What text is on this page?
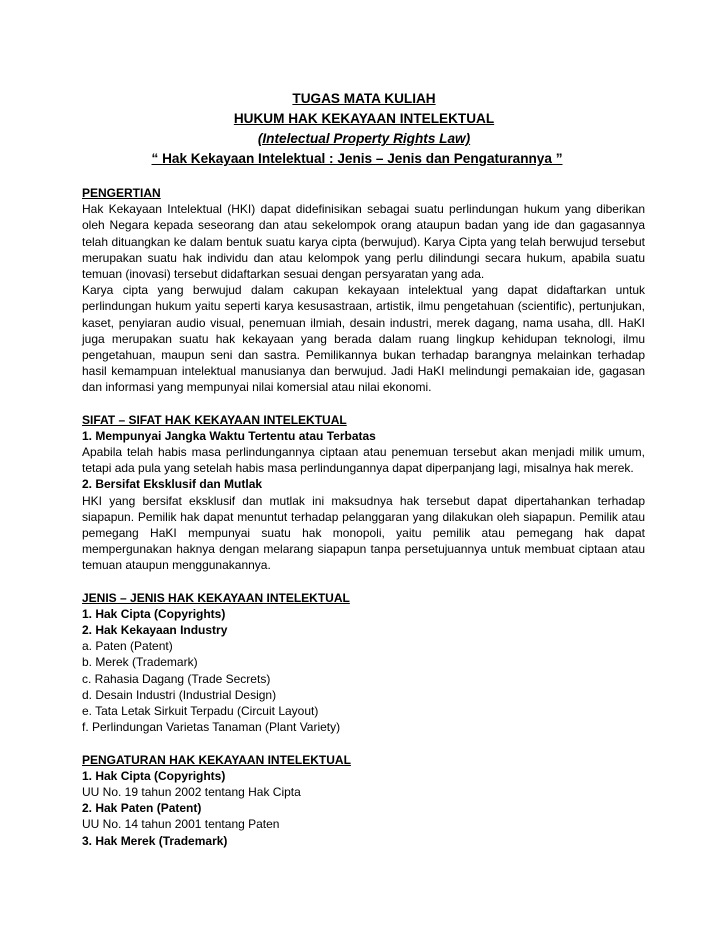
TUGAS MATA KULIAH
HUKUM HAK KEKAYAAN INTELEKTUAL
(Intelectual Property Rights Law)
“ Hak Kekayaan Intelektual : Jenis – Jenis dan Pengaturannya ”

PENGERTIAN

Hak Kekayaan Intelektual (HKI) dapat didefinisikan sebagai suatu perlindungan hukum yang diberikan oleh Negara kepada seseorang dan atau sekelompok orang ataupun badan yang ide dan gagasannya telah dituangkan ke dalam bentuk suatu karya cipta (berwujud). Karya Cipta yang telah berwujud tersebut merupakan suatu hak individu dan atau kelompok yang perlu dilindungi secara hukum, apabila suatu temuan (inovasi) tersebut didaftarkan sesuai dengan persyaratan yang ada.

Karya cipta yang berwujud dalam cakupan kekayaan intelektual yang dapat didaftarkan untuk perlindungan hukum yaitu seperti karya kesusastraan, artistik, ilmu pengetahuan (scientific), pertunjukan, kaset, penyiaran audio visual, penemuan ilmiah, desain industri, merek dagang, nama usaha, dll. HaKI juga merupakan suatu hak kekayaan yang berada dalam ruang lingkup kehidupan teknologi, ilmu pengetahuan, maupun seni dan sastra. Pemilikannya bukan terhadap barangnya melainkan terhadap hasil kemampuan intelektual manusianya dan berwujud. Jadi HaKI melindungi pemakaian ide, gagasan dan informasi yang mempunyai nilai komersial atau nilai ekonomi.

SIFAT – SIFAT HAK KEKAYAAN INTELEKTUAL

1. Mempunyai Jangka Waktu Tertentu atau Terbatas

Apabila telah habis masa perlindungannya ciptaan atau penemuan tersebut akan menjadi milik umum, tetapi ada pula yang setelah habis masa perlindungannya dapat diperpanjang lagi, misalnya hak merek.

2. Bersifat Eksklusif dan Mutlak

HKI yang bersifat eksklusif dan mutlak ini maksudnya hak tersebut dapat dipertahankan terhadap siapapun. Pemilik hak dapat menuntut terhadap pelanggaran yang dilakukan oleh siapapun. Pemilik atau pemegang HaKI mempunyai suatu hak monopoli, yaitu pemilik atau pemegang hak dapat mempergunakan haknya dengan melarang siapapun tanpa persetujuannya untuk membuat ciptaan atau temuan ataupun menggunakannya.

JENIS – JENIS HAK KEKAYAAN INTELEKTUAL

1. Hak Cipta (Copyrights)

2. Hak Kekayaan Industry

a. Paten (Patent)

b. Merek (Trademark)

c. Rahasia Dagang (Trade Secrets)

d. Desain Industri (Industrial Design)

e. Tata Letak Sirkuit Terpadu (Circuit Layout)

f. Perlindungan Varietas Tanaman (Plant Variety)

PENGATURAN HAK KEKAYAAN INTELEKTUAL

1. Hak Cipta (Copyrights)

UU No. 19 tahun 2002 tentang Hak Cipta

2. Hak Paten (Patent)

UU No. 14 tahun 2001 tentang Paten

3. Hak Merek (Trademark)
